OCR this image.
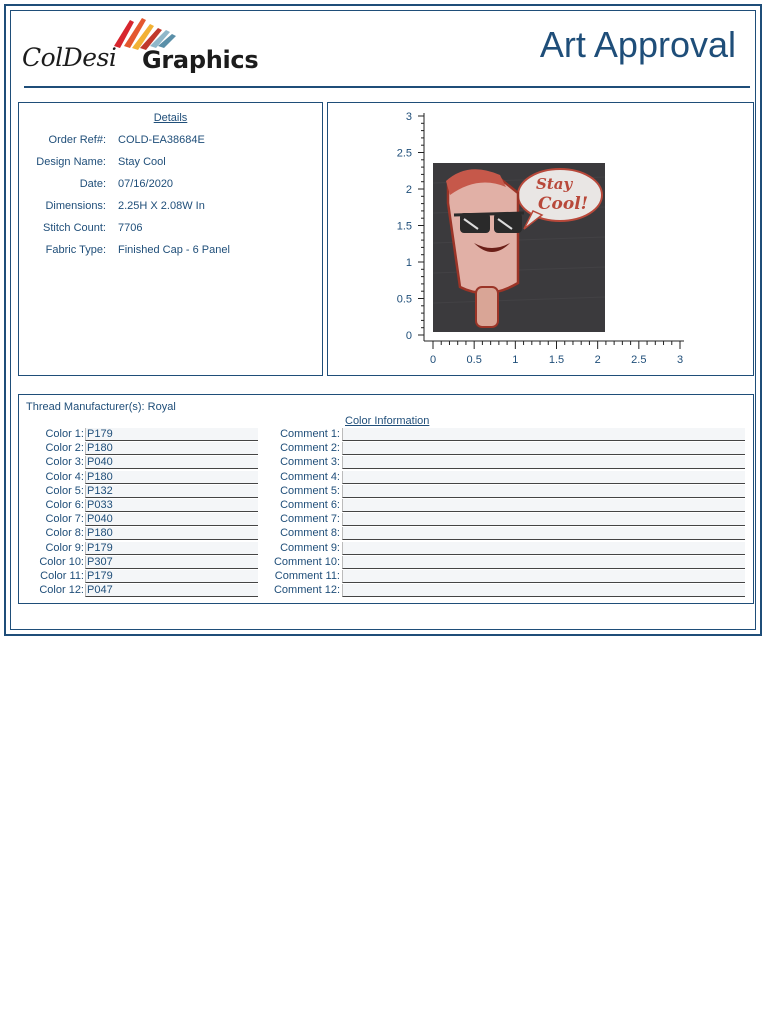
ColDesi Graphics	Art Approval
Details
Order Ref#: COLD-EA38684E
Design Name: Stay Cool
Date: 07/16/2020
Dimensions: 2.25H X 2.08W In
Stitch Count: 7706
Fabric Type: Finished Cap - 6 Panel
0
0.5
1
1.5
2
2.5
3
0	0.5	1	1.5	2	2.5	3
Stay
Cool!
Thread Manufacturer(s): Royal
Color Information
Color 1: P179	Comment 1:
Color 2: P180	Comment 2:
Color 3: P040	Comment 3:
Color 4: P180	Comment 4:
Color 5: P132	Comment 5:
Color 6: P033	Comment 6:
Color 7: P040	Comment 7:
Color 8: P180	Comment 8:
Color 9: P179	Comment 9:
Color 10: P307	Comment 10:
Color 11: P179	Comment 11:
Color 12: P047	Comment 12:
